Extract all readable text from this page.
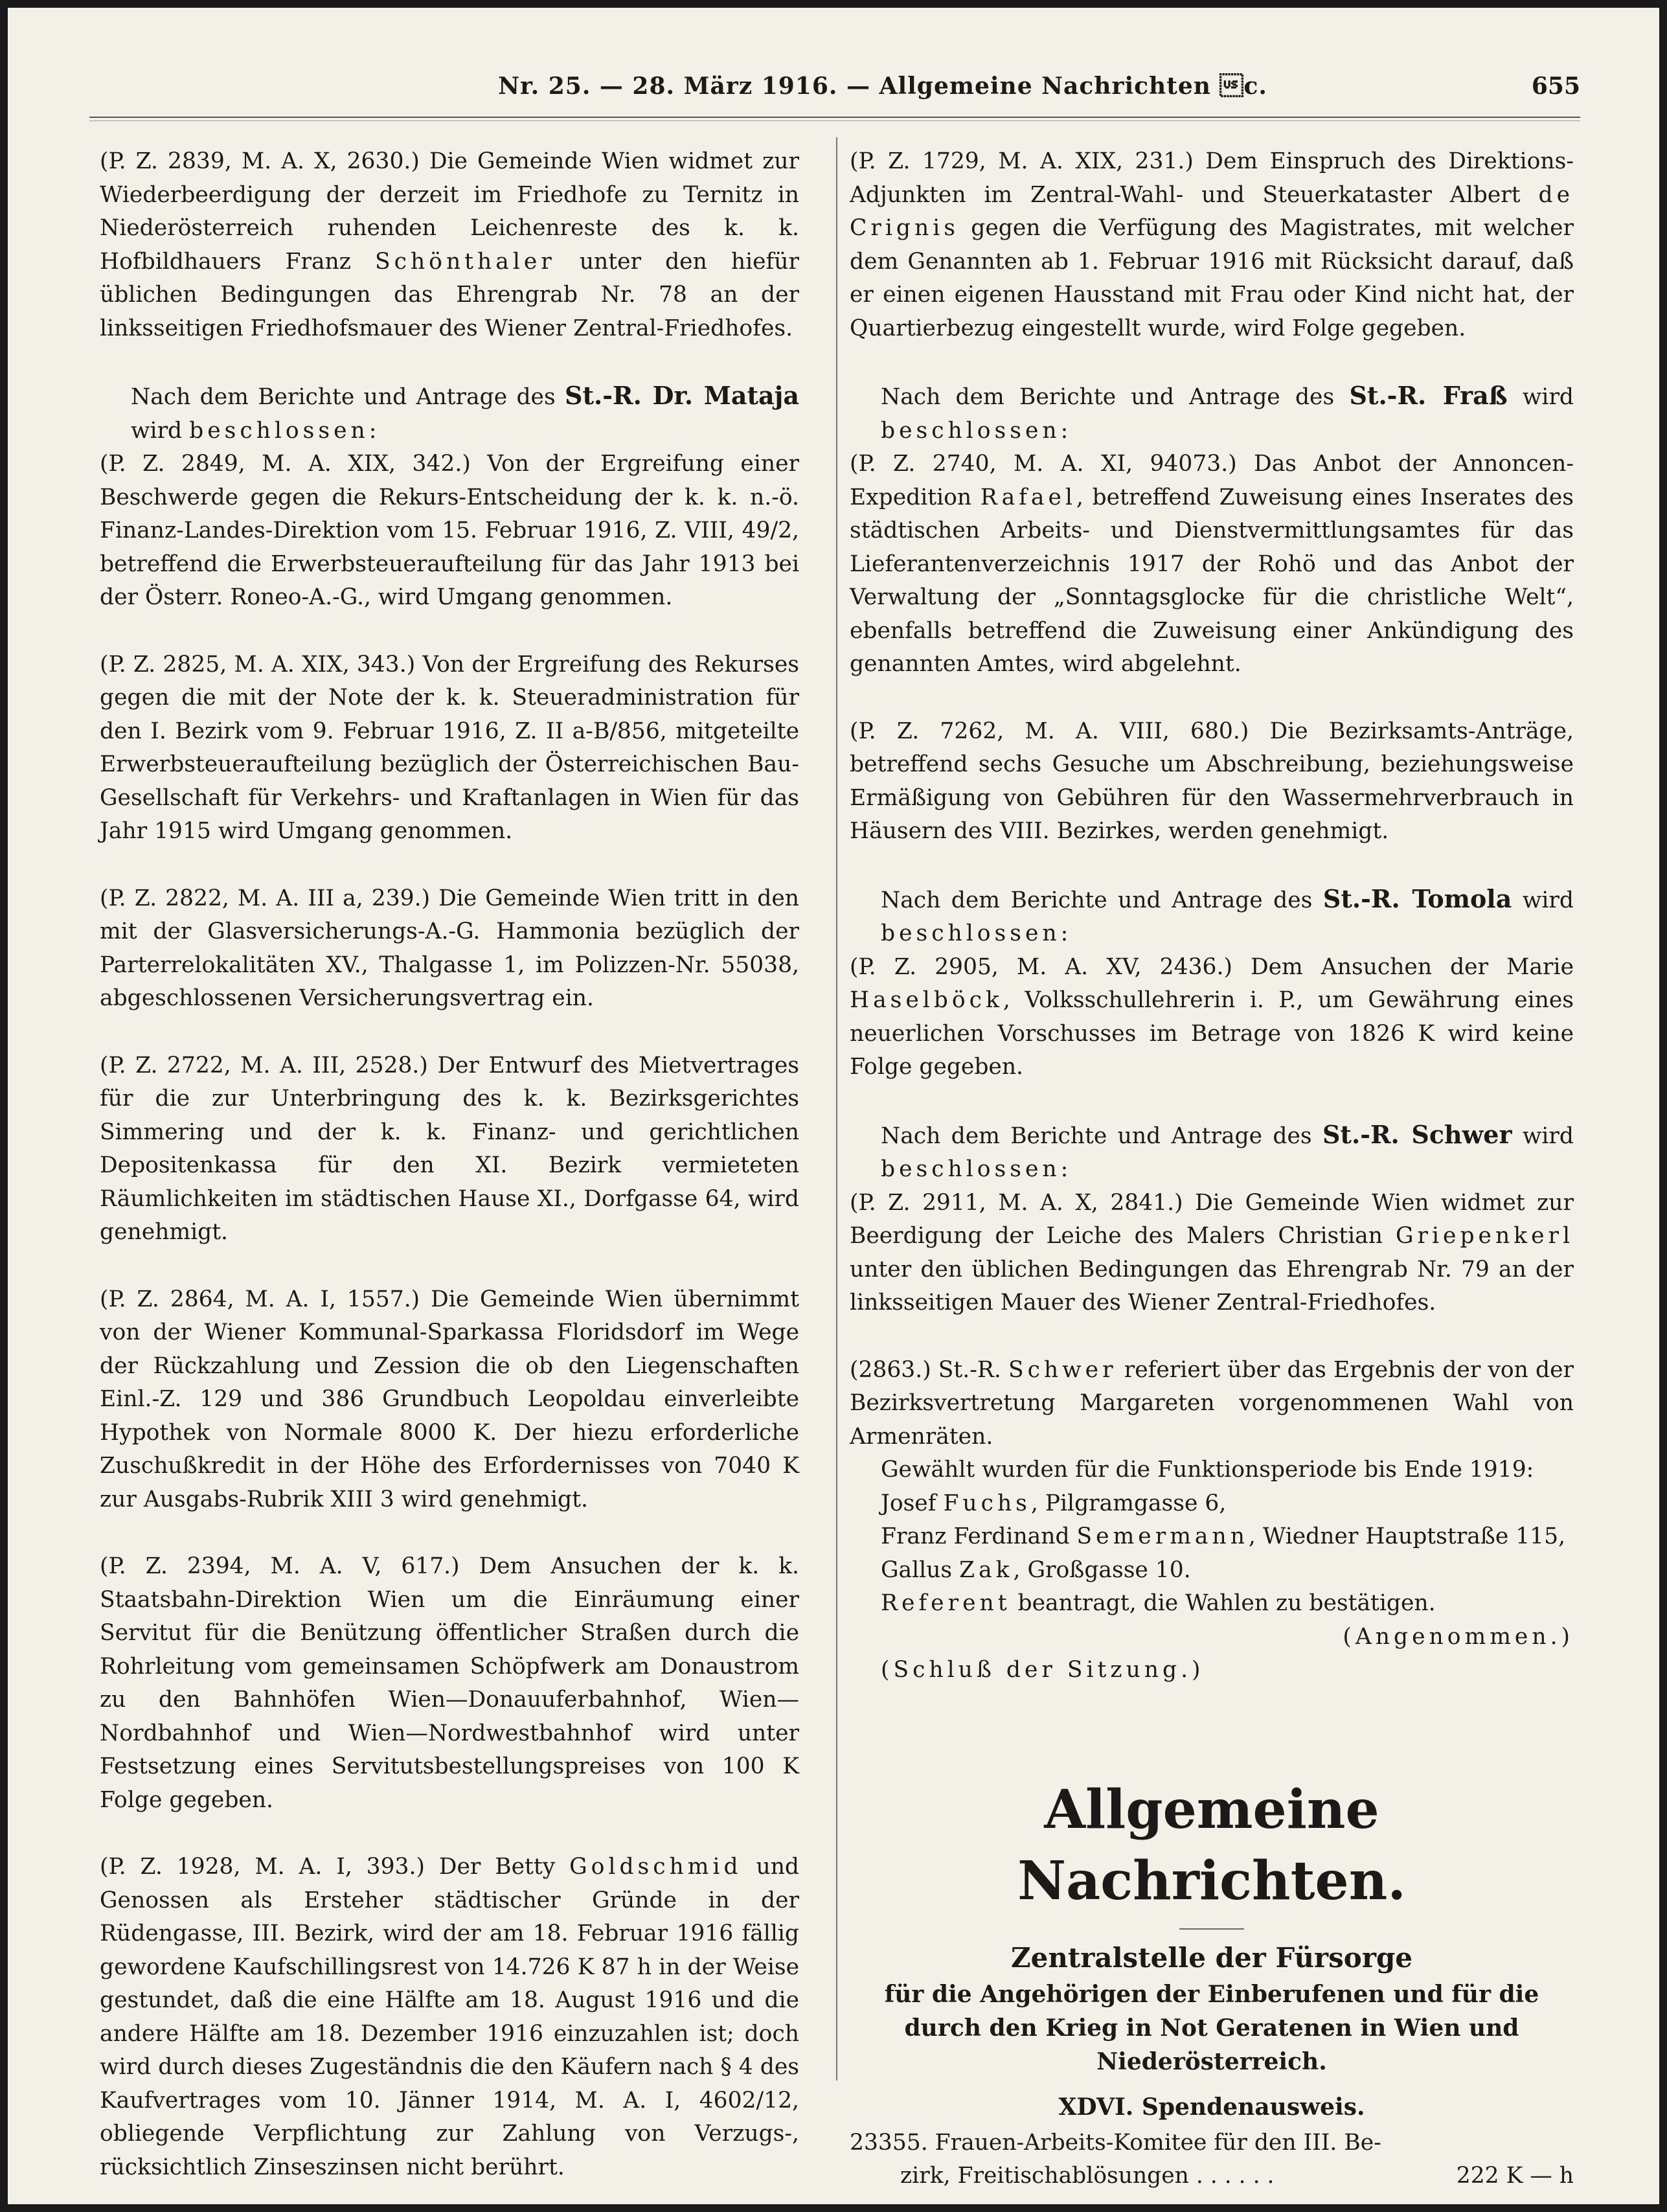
Nr. 25. — 28. März 1916. — Allgemeine Nachrichten c.	655

(P. Z. 2839, M. A. X, 2630.) Die Gemeinde Wien widmet zur Wiederbeerdigung der derzeit im Friedhofe zu Ternitz in Niederösterreich ruhenden Leichenreste des k. k. Hofbildhauers Franz Schönthaler unter den hiefür üblichen Bedingungen das Ehrengrab Nr. 78 an der linksseitigen Friedhofsmauer des Wiener Zentral-Friedhofes.

Nach dem Berichte und Antrage des St.-R. Dr. Mataja wird beschlossen:

(P. Z. 2849, M. A. XIX, 342.) Von der Ergreifung einer Beschwerde gegen die Rekurs-Entscheidung der k. k. n.-ö. Finanz-Landes-Direktion vom 15. Februar 1916, Z. VIII, 49/2, betreffend die Erwerbsteueraufteilung für das Jahr 1913 bei der Österr. Roneo-A.-G., wird Umgang genommen.

(P. Z. 2825, M. A. XIX, 343.) Von der Ergreifung des Rekurses gegen die mit der Note der k. k. Steueradministration für den I. Bezirk vom 9. Februar 1916, Z. II a-B/856, mitgeteilte Erwerbsteueraufteilung bezüglich der Österreichischen Bau-Gesellschaft für Verkehrs- und Kraftanlagen in Wien für das Jahr 1915 wird Umgang genommen.

(P. Z. 2822, M. A. III a, 239.) Die Gemeinde Wien tritt in den mit der Glasversicherungs-A.-G. Hammonia bezüglich der Parterrelokalitäten XV., Thalgasse 1, im Polizzen-Nr. 55038, abgeschlossenen Versicherungsvertrag ein.

(P. Z. 2722, M. A. III, 2528.) Der Entwurf des Mietvertrages für die zur Unterbringung des k. k. Bezirksgerichtes Simmering und der k. k. Finanz- und gerichtlichen Depositenkassa für den XI. Bezirk vermieteten Räumlichkeiten im städtischen Hause XI., Dorfgasse 64, wird genehmigt.

(P. Z. 2864, M. A. I, 1557.) Die Gemeinde Wien übernimmt von der Wiener Kommunal-Sparkassa Floridsdorf im Wege der Rückzahlung und Zession die ob den Liegenschaften Einl.-Z. 129 und 386 Grundbuch Leopoldau einverleibte Hypothek von Normale 8000 K. Der hiezu erforderliche Zuschußkredit in der Höhe des Erfordernisses von 7040 K zur Ausgabs-Rubrik XIII 3 wird genehmigt.

(P. Z. 2394, M. A. V, 617.) Dem Ansuchen der k. k. Staatsbahn-Direktion Wien um die Einräumung einer Servitut für die Benützung öffentlicher Straßen durch die Rohrleitung vom gemeinsamen Schöpfwerk am Donaustrom zu den Bahnhöfen Wien—Donauuferbahnhof, Wien—Nordbahnhof und Wien—Nordwestbahnhof wird unter Festsetzung eines Servitutsbestellungspreises von 100 K Folge gegeben.

(P. Z. 1928, M. A. I, 393.) Der Betty Goldschmid und Genossen als Ersteher städtischer Gründe in der Rüdengasse, III. Bezirk, wird der am 18. Februar 1916 fällig gewordene Kaufschillingsrest von 14.726 K 87 h in der Weise gestundet, daß die eine Hälfte am 18. August 1916 und die andere Hälfte am 18. Dezember 1916 einzuzahlen ist; doch wird durch dieses Zugeständnis die den Käufern nach § 4 des Kaufvertrages vom 10. Jänner 1914, M. A. I, 4602/12, obliegende Verpflichtung zur Zahlung von Verzugs-, rücksichtlich Zinseszinsen nicht berührt.

(P. Z. 1729, M. A. XIX, 231.) Dem Einspruch des Direktions-Adjunkten im Zentral-Wahl- und Steuerkataster Albert de Crignis gegen die Verfügung des Magistrates, mit welcher dem Genannten ab 1. Februar 1916 mit Rücksicht darauf, daß er einen eigenen Hausstand mit Frau oder Kind nicht hat, der Quartierbezug eingestellt wurde, wird Folge gegeben.

Nach dem Berichte und Antrage des St.-R. Fraß wird beschlossen:

(P. Z. 2740, M. A. XI, 94073.) Das Anbot der Annoncen-Expedition Rafael, betreffend Zuweisung eines Inserates des städtischen Arbeits- und Dienstvermittlungsamtes für das Lieferantenverzeichnis 1917 der Rohö und das Anbot der Verwaltung der „Sonntagsglocke für die christliche Welt“, ebenfalls betreffend die Zuweisung einer Ankündigung des genannten Amtes, wird abgelehnt.

(P. Z. 7262, M. A. VIII, 680.) Die Bezirksamts-Anträge, betreffend sechs Gesuche um Abschreibung, beziehungsweise Ermäßigung von Gebühren für den Wassermehrverbrauch in Häusern des VIII. Bezirkes, werden genehmigt.

Nach dem Berichte und Antrage des St.-R. Tomola wird beschlossen:

(P. Z. 2905, M. A. XV, 2436.) Dem Ansuchen der Marie Haselböck, Volksschullehrerin i. P., um Gewährung eines neuerlichen Vorschusses im Betrage von 1826 K wird keine Folge gegeben.

Nach dem Berichte und Antrage des St.-R. Schwer wird beschlossen:

(P. Z. 2911, M. A. X, 2841.) Die Gemeinde Wien widmet zur Beerdigung der Leiche des Malers Christian Griepenkerl unter den üblichen Bedingungen das Ehrengrab Nr. 79 an der linksseitigen Mauer des Wiener Zentral-Friedhofes.

(2863.) St.-R. Schwer referiert über das Ergebnis der von der Bezirksvertretung Margareten vorgenommenen Wahl von Armenräten.

Gewählt wurden für die Funktionsperiode bis Ende 1919:

Josef Fuchs, Pilgramgasse 6,

Franz Ferdinand Semermann, Wiedner Hauptstraße 115,

Gallus Zak, Großgasse 10.

Referent beantragt, die Wahlen zu bestätigen.

(Angenommen.)

(Schluß der Sitzung.)

Allgemeine Nachrichten.
Zentralstelle der Fürsorge
für die Angehörigen der Einberufenen und für die durch den Krieg in Not Geratenen in Wien und Niederösterreich.
XDVI. Spendenausweis.
23355. Frauen-Arbeits-Komitee für den III. Be-
zirk, Freitischablösungen . . . . . .	222 K — h
